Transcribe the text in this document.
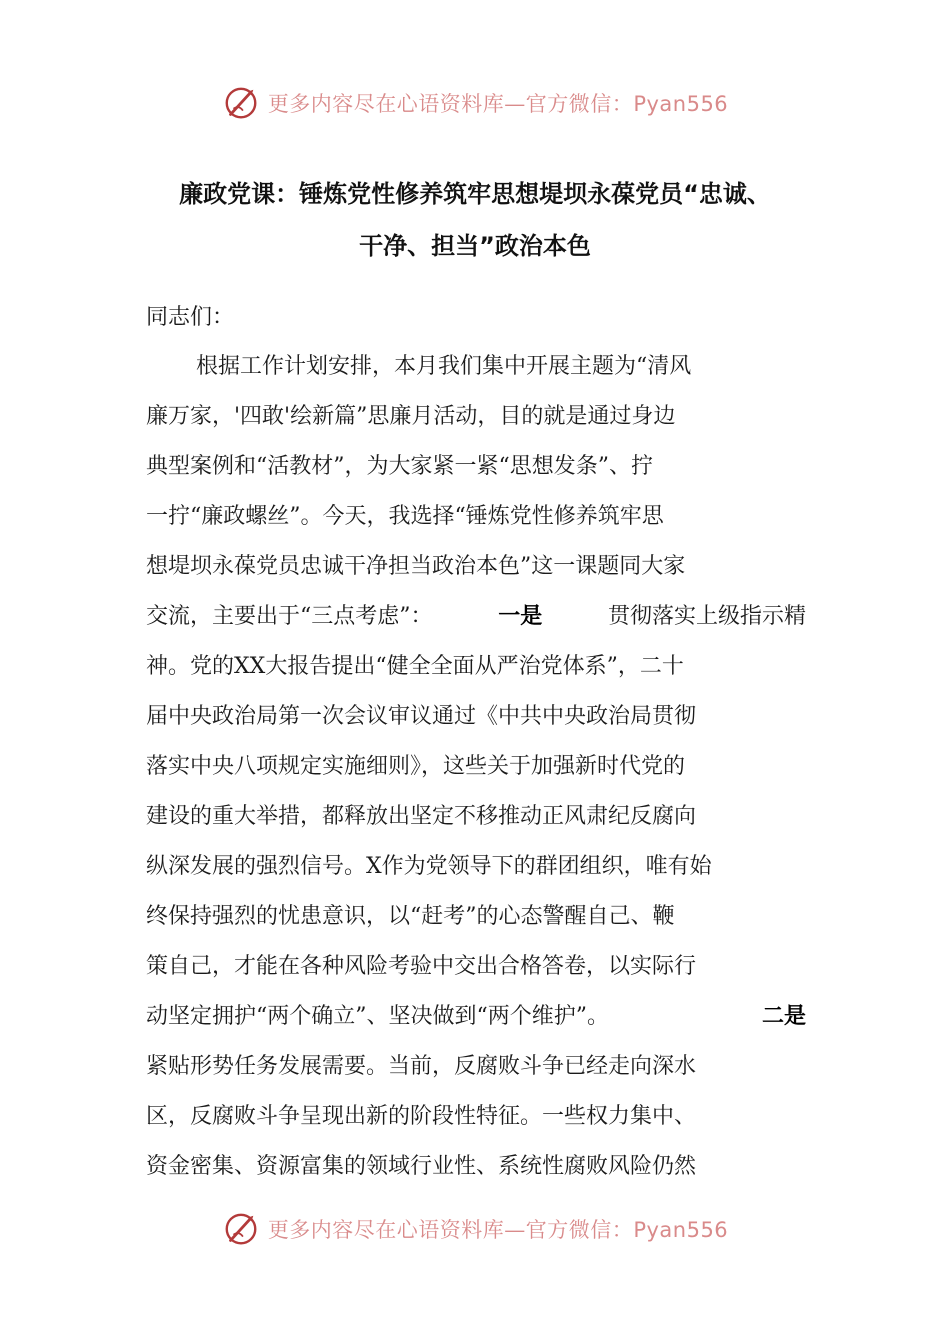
更多内容尽在心语资料库—官方微信：Pyan556
廉政党课：锤炼党性修养筑牢思想堤坝永葆党员“忠诚、
干净、担当”政治本色
同志们：
根据工作计划安排，本月我们集中开展主题为“清风
廉万家，'四敢'绘新篇”思廉月活动，目的就是通过身边
典型案例和“活教材”，为大家紧一紧“思想发条”、拧
一拧“廉政螺丝”。今天，我选择“锤炼党性修养筑牢思
想堤坝永葆党员忠诚干净担当政治本色”这一课题同大家
交流，主要出于“三点考虑”：	一是	贯彻落实上级指示精
神。党的XX大报告提出“健全全面从严治党体系”，二十
届中央政治局第一次会议审议通过《中共中央政治局贯彻
落实中央八项规定实施细则》，这些关于加强新时代党的
建设的重大举措，都释放出坚定不移推动正风肃纪反腐向
纵深发展的强烈信号。X作为党领导下的群团组织，唯有始
终保持强烈的忧患意识，以“赶考”的心态警醒自己、鞭
策自己，才能在各种风险考验中交出合格答卷，以实际行
动坚定拥护“两个确立”、坚决做到“两个维护”。	二是
紧贴形势任务发展需要。当前，反腐败斗争已经走向深水
区，反腐败斗争呈现出新的阶段性特征。一些权力集中、
资金密集、资源富集的领域行业性、系统性腐败风险仍然
更多内容尽在心语资料库—官方微信：Pyan556
